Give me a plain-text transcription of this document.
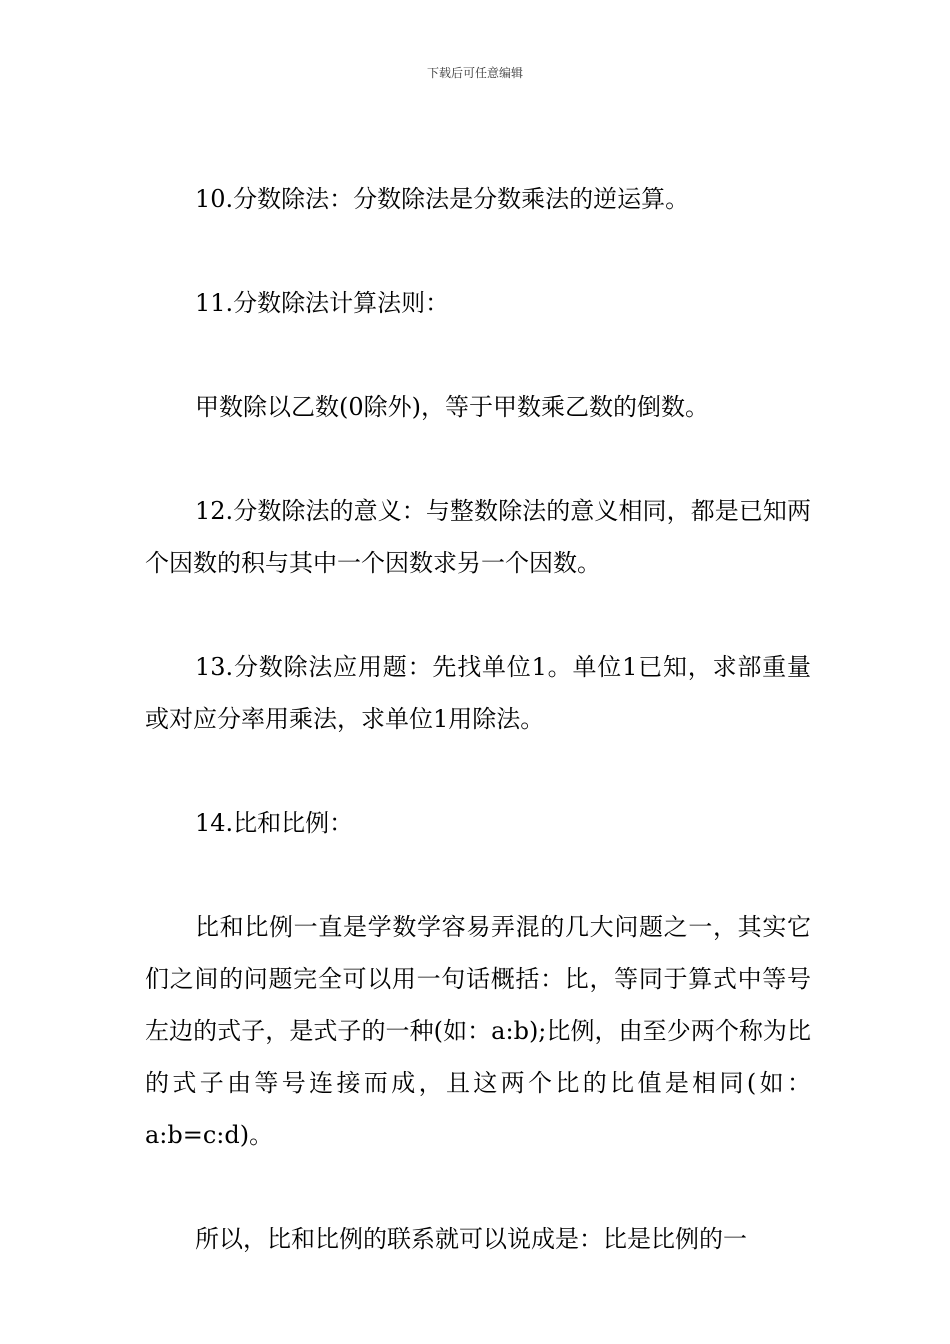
下载后可任意编辑

10.分数除法：分数除法是分数乘法的逆运算。

11.分数除法计算法则：

甲数除以乙数(0除外)，等于甲数乘乙数的倒数。

12.分数除法的意义：与整数除法的意义相同，都是已知两个因数的积与其中一个因数求另一个因数。

13.分数除法应用题：先找单位1。单位1已知，求部重量或对应分率用乘法，求单位1用除法。

14.比和比例：

比和比例一直是学数学容易弄混的几大问题之一，其实它们之间的问题完全可以用一句话概括：比，等同于算式中等号左边的式子，是式子的一种(如：a:b);比例，由至少两个称为比的式子由等号连接而成，且这两个比的比值是相同(如：a:b=c:d)。

所以，比和比例的联系就可以说成是：比是比例的一
